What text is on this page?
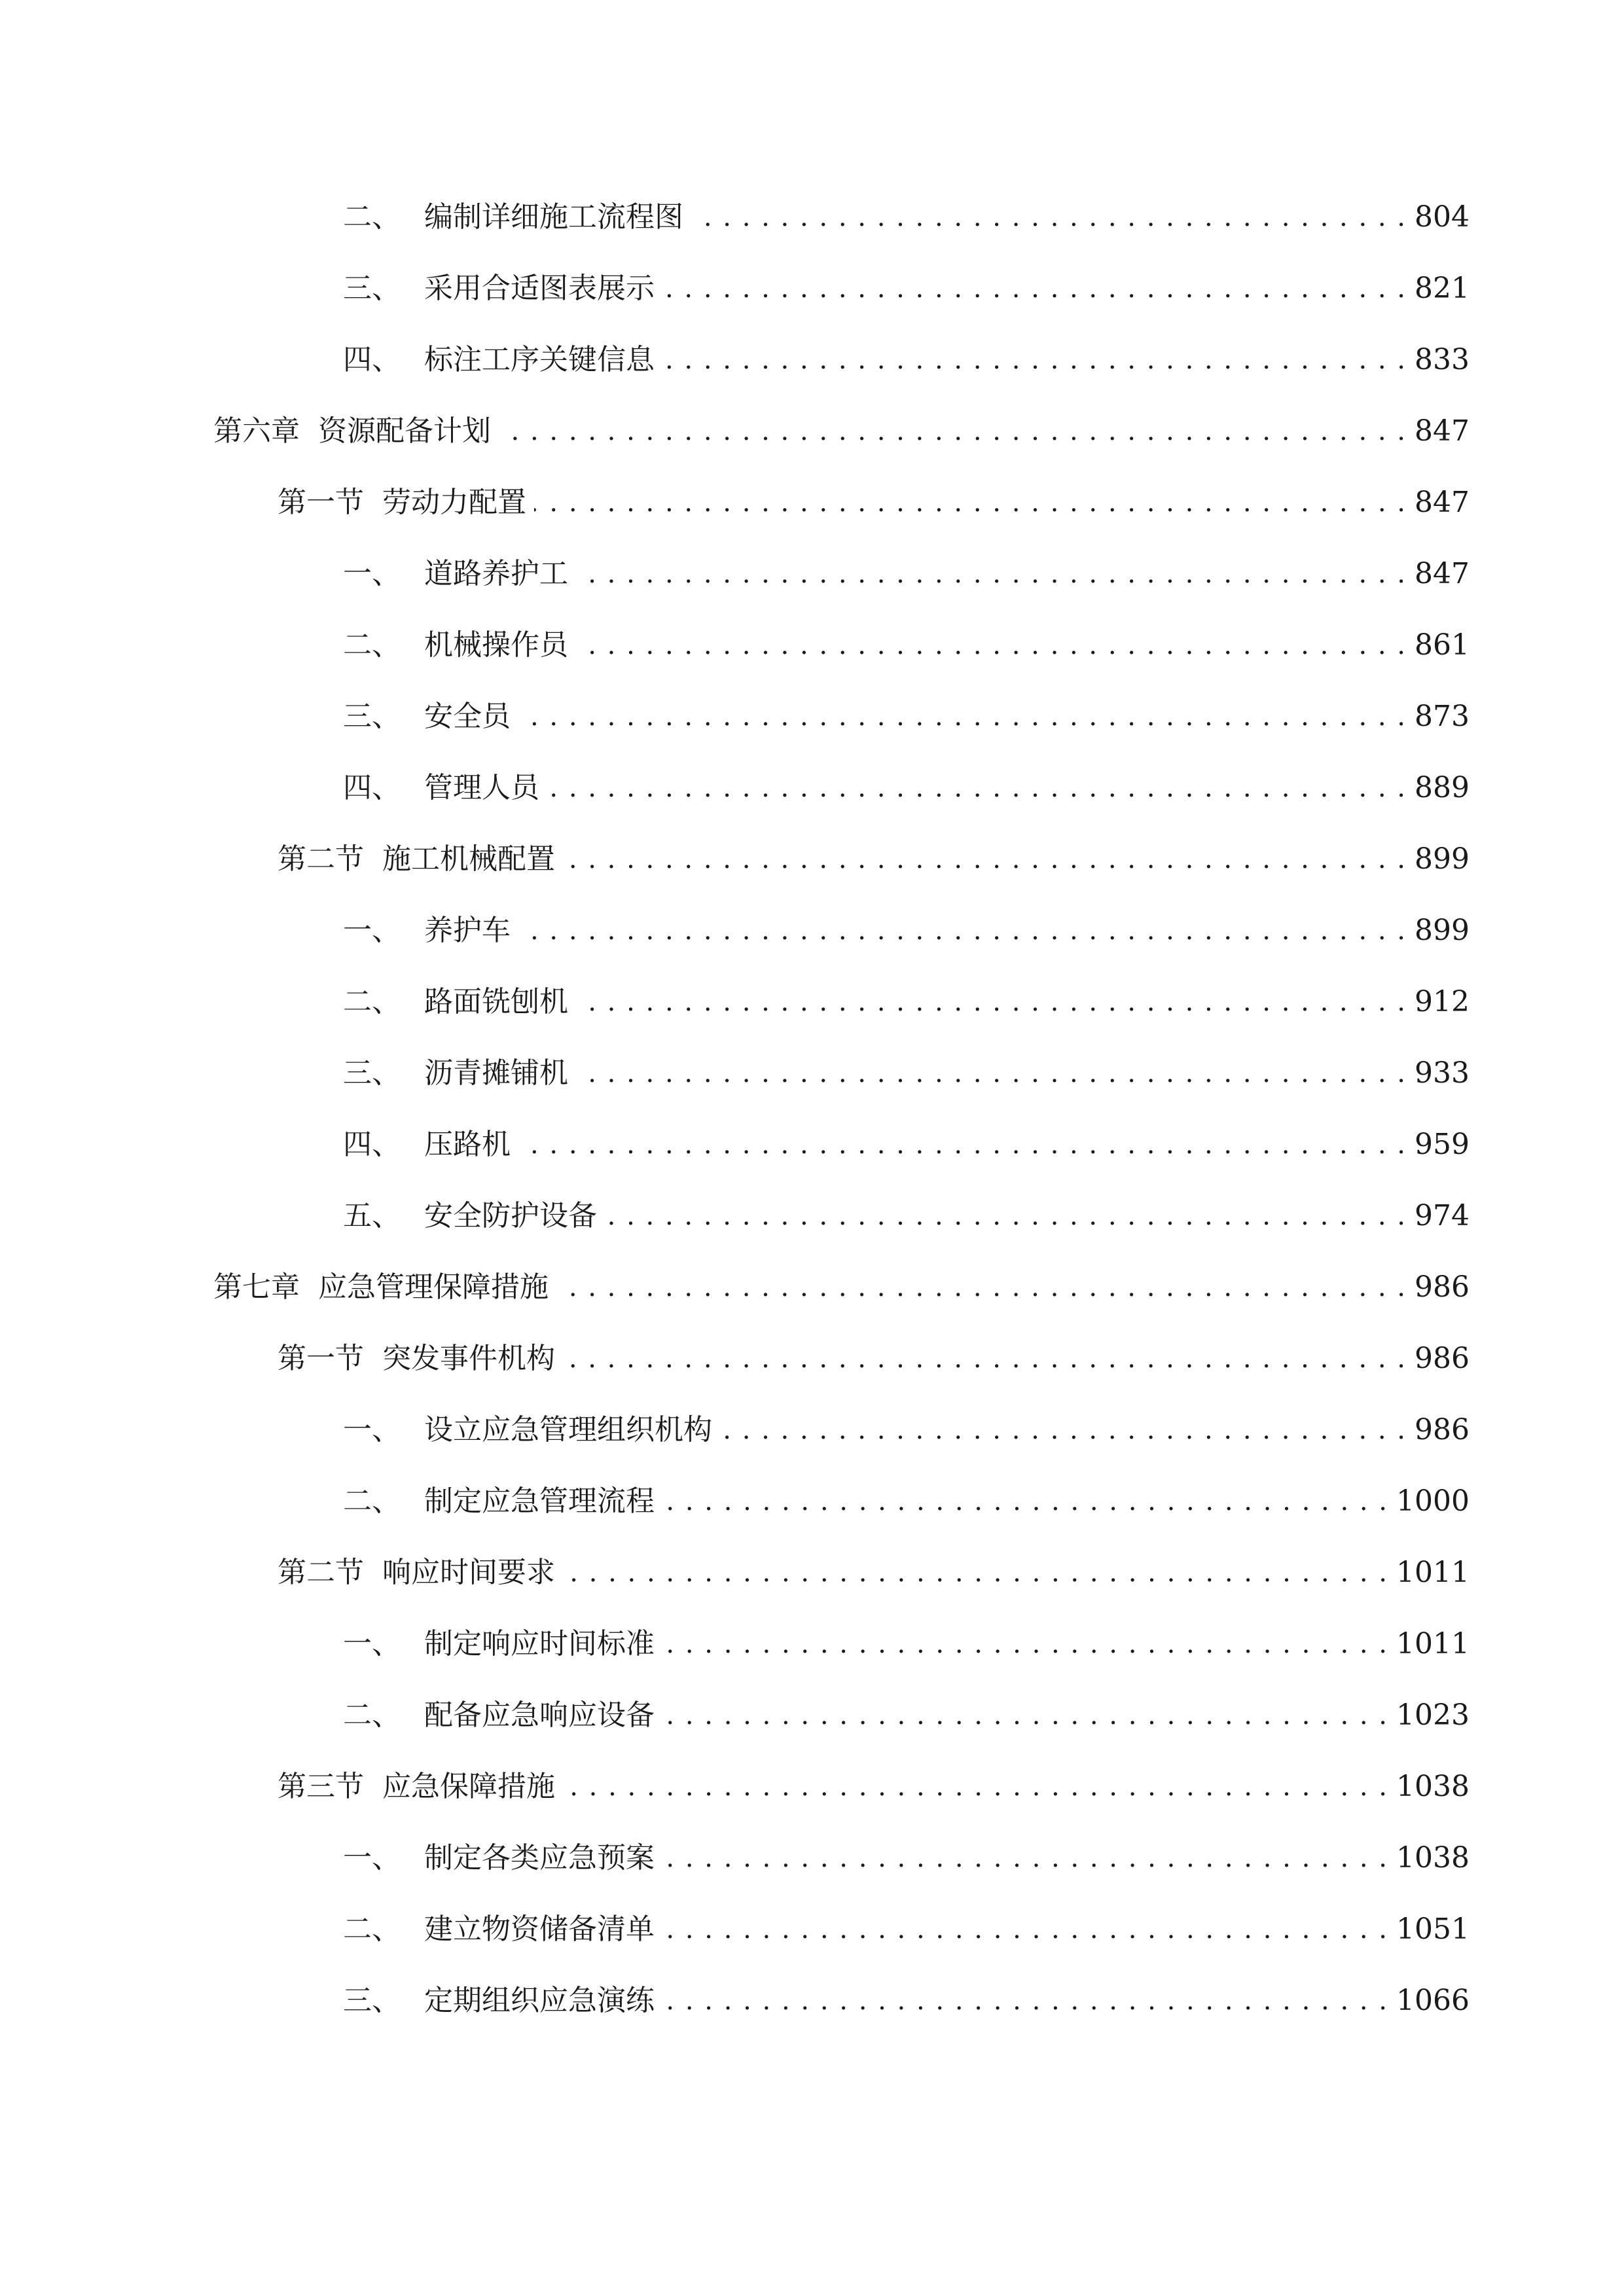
二、 编制详细施工流程图 . . .	804
三、 采用合适图表展示 . . .	821
四、 标注工序关键信息 . . .	833
第六章 资源配备计划 . . .	847
第一节 劳动力配置 . . .	847
一、 道路养护工 . . .	847
二、 机械操作员 . . .	861
三、 安全员 . . .	873
四、 管理人员 . . .	889
第二节 施工机械配置 . . .	899
一、 养护车 . . .	899
二、 路面铣刨机 . . .	912
三、 沥青摊铺机 . . .	933
四、 压路机 . . .	959
五、 安全防护设备 . . .	974
第七章 应急管理保障措施 . . .	986
第一节 突发事件机构 . . .	986
一、 设立应急管理组织机构 . . .	986
二、 制定应急管理流程 . . .	1000
第二节 响应时间要求 . . .	1011
一、 制定响应时间标准 . . .	1011
二、 配备应急响应设备 . . .	1023
第三节 应急保障措施 . . .	1038
一、 制定各类应急预案 . . .	1038
二、 建立物资储备清单 . . .	1051
三、 定期组织应急演练 . . .	1066
